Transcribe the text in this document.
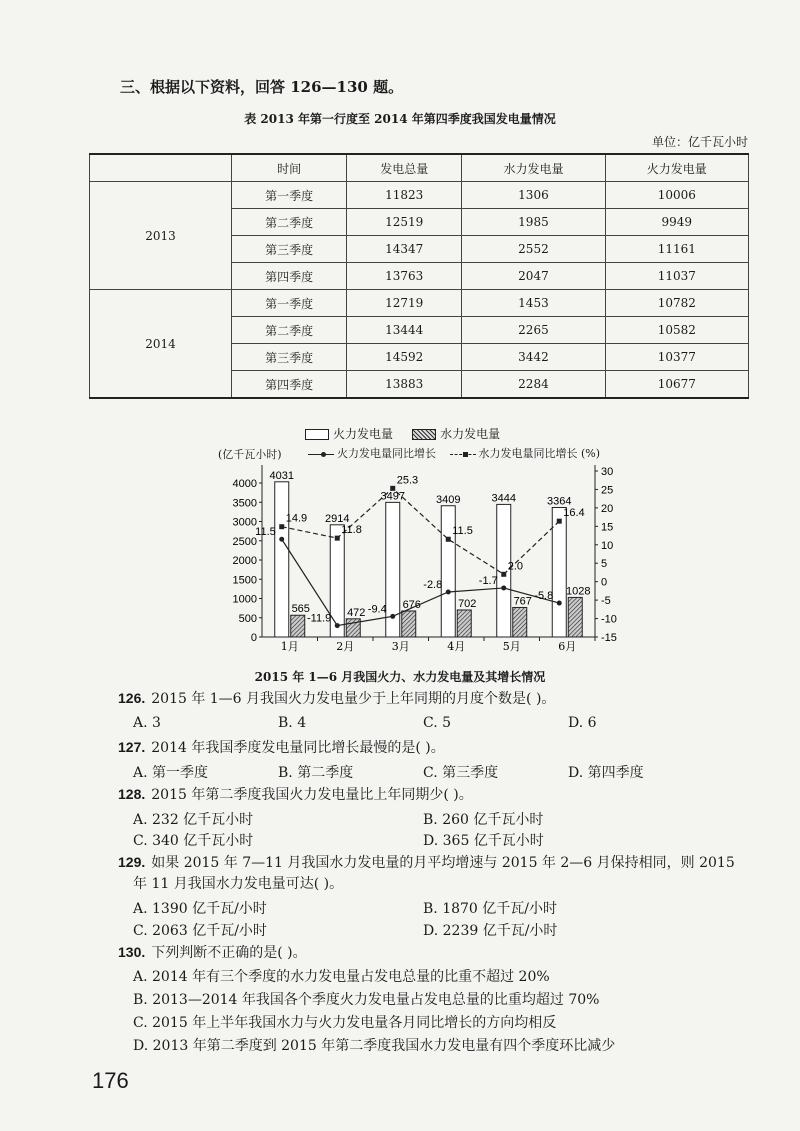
三、根据以下资料，回答 126—130 题。
表 2013 年第一行度至 2014 年第四季度我国发电量情况
单位：亿千瓦小时
	时间	发电总量	水力发电量	火力发电量
2013	第一季度	11823	1306	10006
	第二季度	12519	1985	9949
	第三季度	14347	2552	11161
	第四季度	13763	2047	11037
2014	第一季度	12719	1453	10782
	第二季度	13444	2265	10582
	第三季度	14592	3442	10377
	第四季度	13883	2284	10677
火力发电量	水力发电量
(亿千瓦小时)	火力发电量同比增长	水力发电量同比增长 (%)
0
500
1000
1500
2000
2500
3000
3500
4000
-15
-10
-5
0
5
10
15
20
25
30
4031
565
1月
2914
472
2月
3497
676
3月
3409
702
4月
3444
767
5月
3364
1028
6月
11.5
-11.9
-9.4
-2.8	-1.7
-5.8
14.9
11.8
25.3
11.5
2.0
16.4
2015 年 1—6 月我国火力、水力发电量及其增长情况
126. 2015 年 1—6 月我国火力发电量少于上年同期的月度个数是( )。
A. 3	B. 4	C. 5	D. 6
127. 2014 年我国季度发电量同比增长最慢的是( )。
A. 第一季度	B. 第二季度	C. 第三季度	D. 第四季度
128. 2015 年第二季度我国火力发电量比上年同期少( )。
A. 232 亿千瓦小时	B. 260 亿千瓦小时
C. 340 亿千瓦小时	D. 365 亿千瓦小时
129. 如果 2015 年 7—11 月我国水力发电量的月平均增速与 2015 年 2—6 月保持相同，则 2015
年 11 月我国水力发电量可达( )。
A. 1390 亿千瓦/小时	B. 1870 亿千瓦/小时
C. 2063 亿千瓦/小时	D. 2239 亿千瓦/小时
130. 下列判断不正确的是( )。
A. 2014 年有三个季度的水力发电量占发电总量的比重不超过 20%
B. 2013—2014 年我国各个季度火力发电量占发电总量的比重均超过 70%
C. 2015 年上半年我国水力与火力发电量各月同比增长的方向均相反
D. 2013 年第二季度到 2015 年第二季度我国水力发电量有四个季度环比减少
176
